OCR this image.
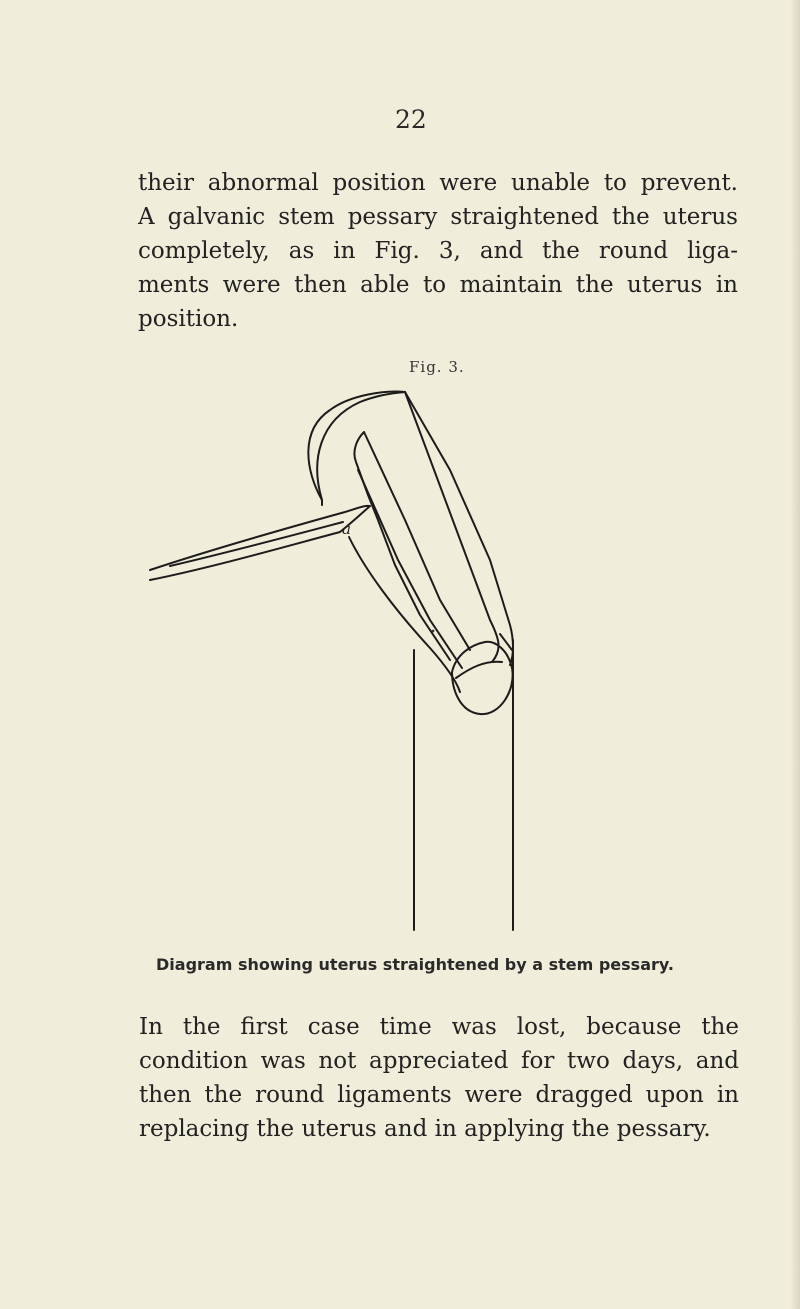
22
their abnormal position were unable to prevent.
A galvanic stem pessary straightened the uterus
completely, as in Fig. 3, and the round liga-
ments were then able to maintain the uterus in
position.
Fig. 3.
a
Diagram showing uterus straightened by a stem pessary.
In the first case time was lost, because the
condition was not appreciated for two days, and
then the round ligaments were dragged upon in
replacing the uterus and in applying the pessary.
